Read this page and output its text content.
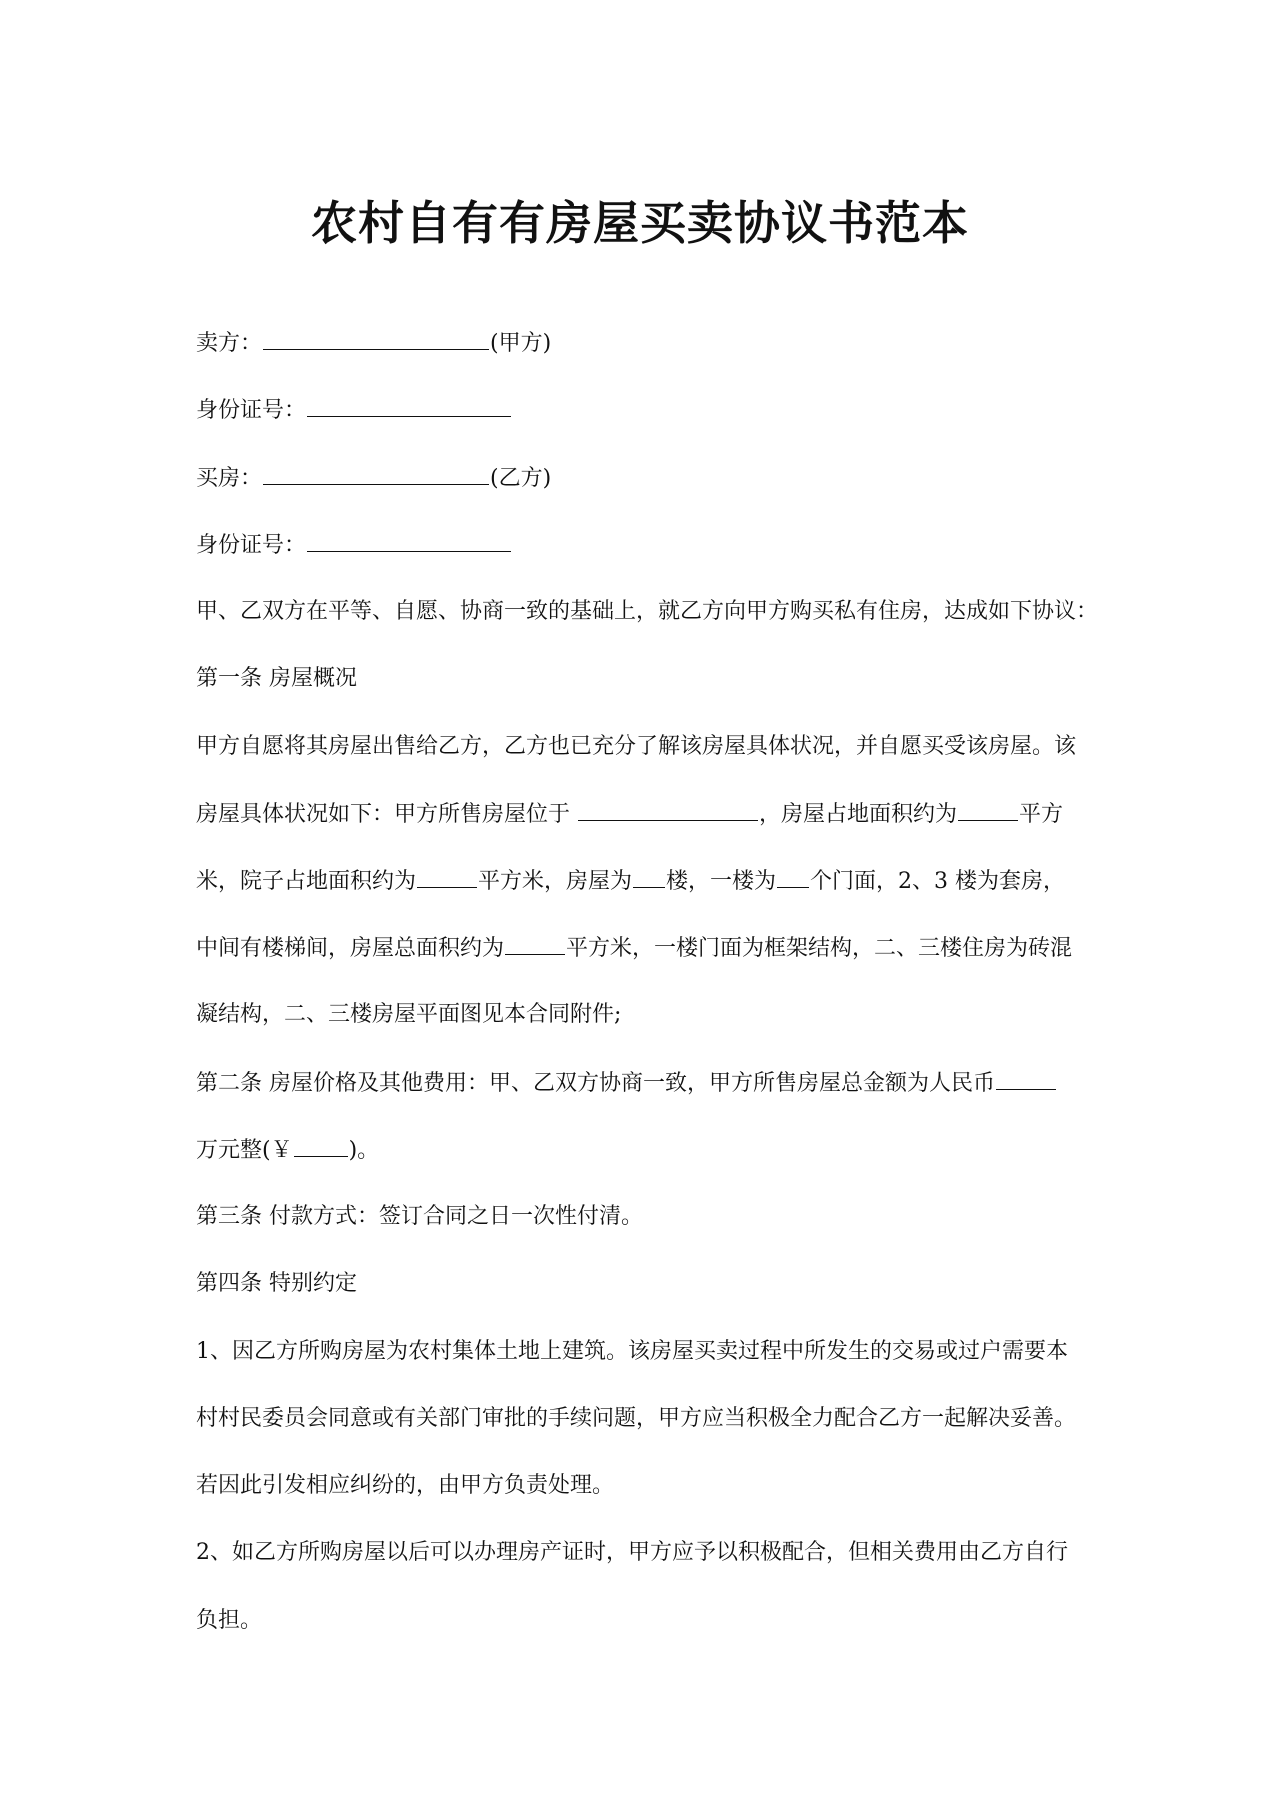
农村自有有房屋买卖协议书范本
卖方：	(甲方)
身份证号：
买房：	(乙方)
身份证号：
甲、乙双方在平等、自愿、协商一致的基础上，就乙方向甲方购买私有住房，达成如下协议：
第一条 房屋概况
甲方自愿将其房屋出售给乙方，乙方也已充分了解该房屋具体状况，并自愿买受该房屋。该
房屋具体状况如下：甲方所售房屋位于	，房屋占地面积约为	平方
米，院子占地面积约为	平方米，房屋为 楼，一楼为 个门面，2、3 楼为套房，
中间有楼梯间，房屋总面积约为	平方米，一楼门面为框架结构，二、三楼住房为砖混
凝结构，二、三楼房屋平面图见本合同附件;
第二条 房屋价格及其他费用：甲、乙双方协商一致，甲方所售房屋总金额为人民币
万元整(￥	)。
第三条 付款方式：签订合同之日一次性付清。
第四条 特别约定
1、因乙方所购房屋为农村集体土地上建筑。该房屋买卖过程中所发生的交易或过户需要本
村村民委员会同意或有关部门审批的手续问题，甲方应当积极全力配合乙方一起解决妥善。
若因此引发相应纠纷的，由甲方负责处理。
2、如乙方所购房屋以后可以办理房产证时，甲方应予以积极配合，但相关费用由乙方自行
负担。
